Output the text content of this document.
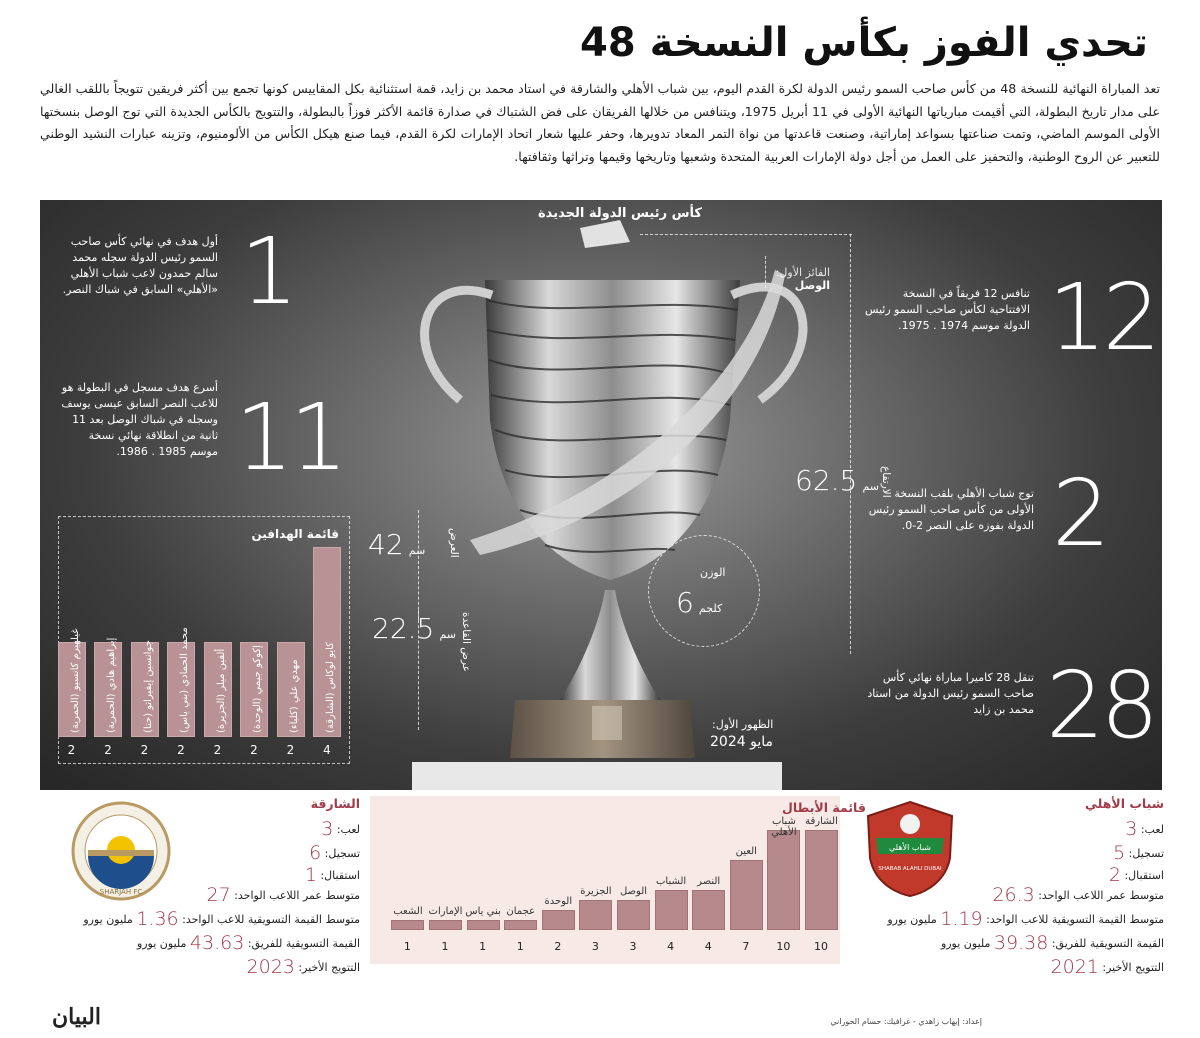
تحدي الفوز بكأس النسخة 48
تعد المباراة النهائية للنسخة 48 من كأس صاحب السمو رئيس الدولة لكرة القدم اليوم، بين شباب الأهلي والشارقة في استاد محمد بن زايد، قمة استثنائية بكل المقاييس كونها تجمع بين أكثر فريقين تتويجاً باللقب الغالي على مدار تاريخ البطولة، التي أقيمت مبارياتها النهائية الأولى في 11 أبريل 1975، ويتنافس من خلالها الفريقان على فض الشتباك في صدارة قائمة الأكثر فوزاً بالبطولة، والتتويج بالكأس الجديدة التي توج الوصل بنسختها الأولى الموسم الماضي، وتمت صناعتها بسواعد إماراتية، وصنعت قاعدتها من نواة التمر المعاد تدويرها، وحفر عليها شعار اتحاد الإمارات لكرة القدم، فيما صنع هيكل الكأس من الألومنيوم، وتزينه عبارات النشيد الوطني للتعبير عن الروح الوطنية، والتحفيز على العمل من أجل دولة الإمارات العربية المتحدة وشعبها وتاريخها وقيمها وتراثها وثقافتها.
قائمة الهدافين
كايو لوكاس (الشارقة)
4
مهدي علي (كلباء)
2
إكوكو جيمي (الوحدة)
2
ألفين ميلر (الجزيرة)
2
محمد الحمادي (بني ياس)
2
جوانسين إيفيراتو (حتا)
2
إبراهيم هادي (الحمرية)
2
غيلهيرم كانسيو (الحمرية)
2
كأس رئيس الدولة الجديدة
الفائز الأول:
الوصل
سم 62.5	الارتفاع
سم 42	العرض
سم 22.5	عرض القاعدة
الوزن
كلجم 6
الظهور الأول:
مايو 2024
1
أول هدف في نهائي كأس صاحب السمو رئيس الدولة سجله محمد سالم حمدون لاعب شباب الأهلي «الأهلي» السابق في شباك النصر.
11
أسرع هدف مسجل في البطولة هو للاعب النصر السابق عيسى يوسف وسجله في شباك الوصل بعد 11 ثانية من انطلاقة نهائي نسخة موسم 1985 . 1986.
12
تنافس 12 فريقاً في النسخة الافتتاحية لكأس صاحب السمو رئيس الدولة موسم 1974 . 1975.
2
توج شباب الأهلي بلقب النسخة الأولى من كأس صاحب السمو رئيس الدولة بفوزه على النصر 2-0.
28
تنقل 28 كاميرا مباراة نهائي كأس صاحب السمو رئيس الدولة من استاد محمد بن زايد
شباب الأهلي
لعب: 3
تسجيل: 5
استقبال: 2
متوسط عمر اللاعب الواحد: 26.3
متوسط القيمة التسويقية للاعب الواحد: 1.19 مليون يورو
القيمة التسويقية للفريق: 39.38 مليون يورو
التتويج الأخير: 2021
شباب الأهلي
SHABAB ALAHLI DUBAI
الشارقة
لعب: 3
تسجيل: 6
استقبال: 1
متوسط عمر اللاعب الواحد: 27
متوسط القيمة التسويقية للاعب الواحد: 1.36 مليون يورو
القيمة التسويقية للفريق: 43.63 مليون يورو
التتويج الأخير: 2023
SHARJAH FC
قائمة الأبطال
الشارقة
10
شباب الأهلي
10
العين
7
النصر
4
الشباب
4
الوصل
3
الجزيرة
3
الوحدة
2
عجمان
1
بني ياس
1
الإمارات
1
الشعب
1
إعداد: إيهاب زاهدي - غرافيك: حسام الحوراني
البيان
